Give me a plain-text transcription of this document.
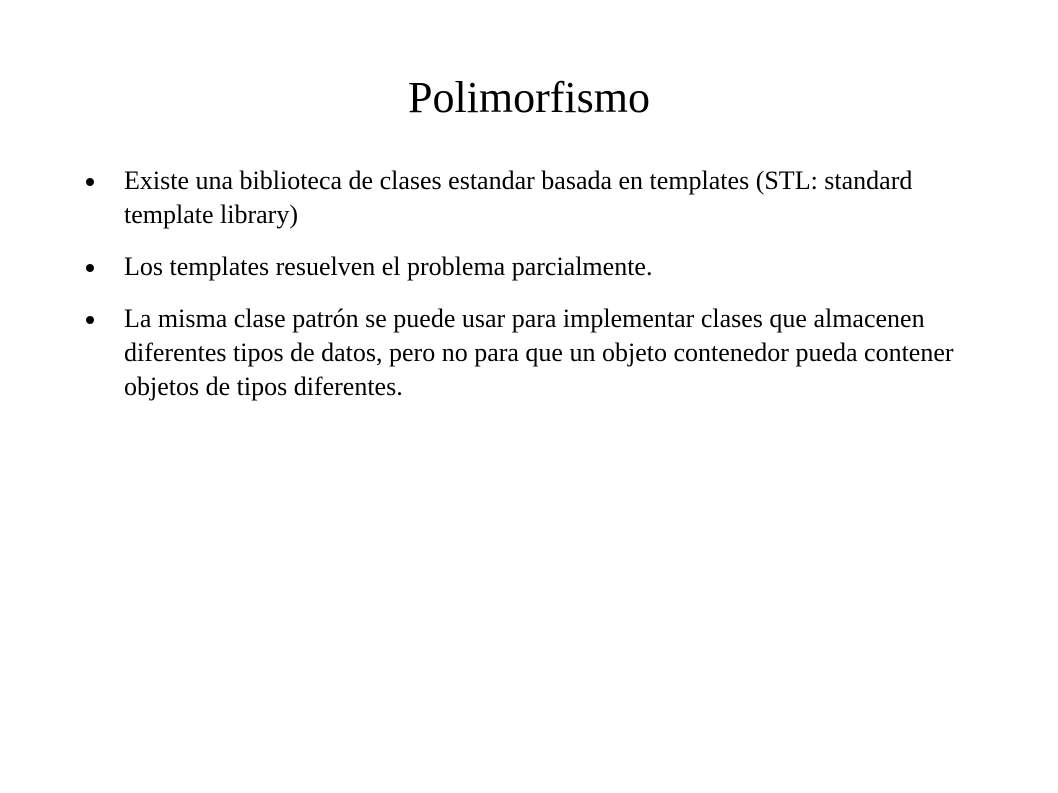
Polimorfismo
Existe una biblioteca de clases estandar basada en templates (STL: standard template library)
Los templates resuelven el problema parcialmente.
La misma clase patrón se puede usar para implementar clases que almacenen diferentes tipos de datos, pero no para que un objeto contenedor pueda contener objetos de tipos diferentes.
